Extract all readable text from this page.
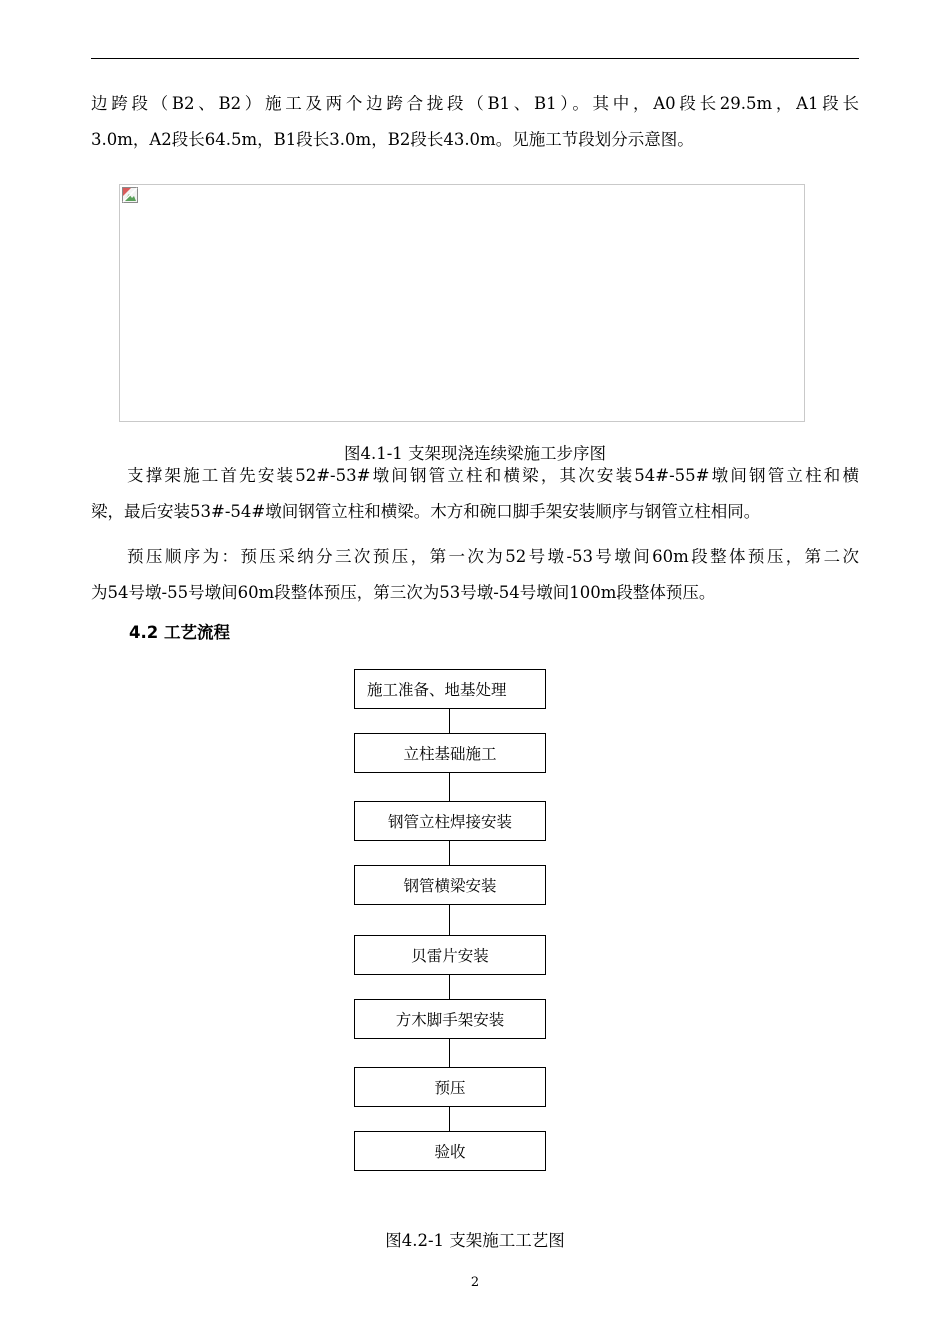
边跨段（B2、B2）施工及两个边跨合拢段（B1、B1）。其中，A0段长29.5m，A1段长
3.0m，A2段长64.5m，B1段长3.0m，B2段长43.0m。见施工节段划分示意图。

图4.1-1 支架现浇连续梁施工步序图

支撑架施工首先安装52#-53#墩间钢管立柱和横梁，其次安装54#-55#墩间钢管立柱和横
梁，最后安装53#-54#墩间钢管立柱和横梁。木方和碗口脚手架安装顺序与钢管立柱相同。

预压顺序为：预压采纳分三次预压，第一次为52号墩-53号墩间60m段整体预压，第二次
为54号墩-55号墩间60m段整体预压，第三次为53号墩-54号墩间100m段整体预压。

4.2 工艺流程
施工准备、地基处理
立柱基础施工
钢管立柱焊接安装
钢管横梁安装
贝雷片安装
方木脚手架安装
预压
验收
图4.2-1 支架施工工艺图
2
